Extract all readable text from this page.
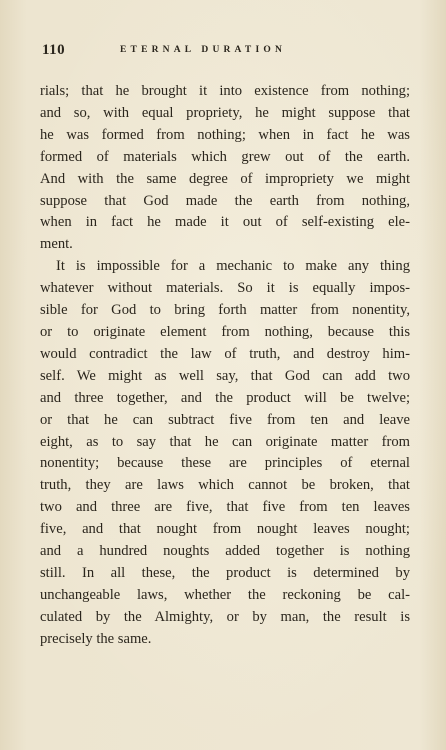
110	ETERNAL DURATION
rials; that he brought it into existence from nothing;
and so, with equal propriety, he might suppose that
he was formed from nothing; when in fact he was
formed of materials which grew out of the earth.
And with the same degree of impropriety we might
suppose that God made the earth from nothing,
when in fact he made it out of self-existing ele-
ment.
It is impossible for a mechanic to make any thing
whatever without materials. So it is equally impos-
sible for God to bring forth matter from nonentity,
or to originate element from nothing, because this
would contradict the law of truth, and destroy him-
self. We might as well say, that God can add two
and three together, and the product will be twelve;
or that he can subtract five from ten and leave
eight, as to say that he can originate matter from
nonentity; because these are principles of eternal
truth, they are laws which cannot be broken, that
two and three are five, that five from ten leaves
five, and that nought from nought leaves nought;
and a hundred noughts added together is nothing
still. In all these, the product is determined by
unchangeable laws, whether the reckoning be cal-
culated by the Almighty, or by man, the result is
precisely the same.
